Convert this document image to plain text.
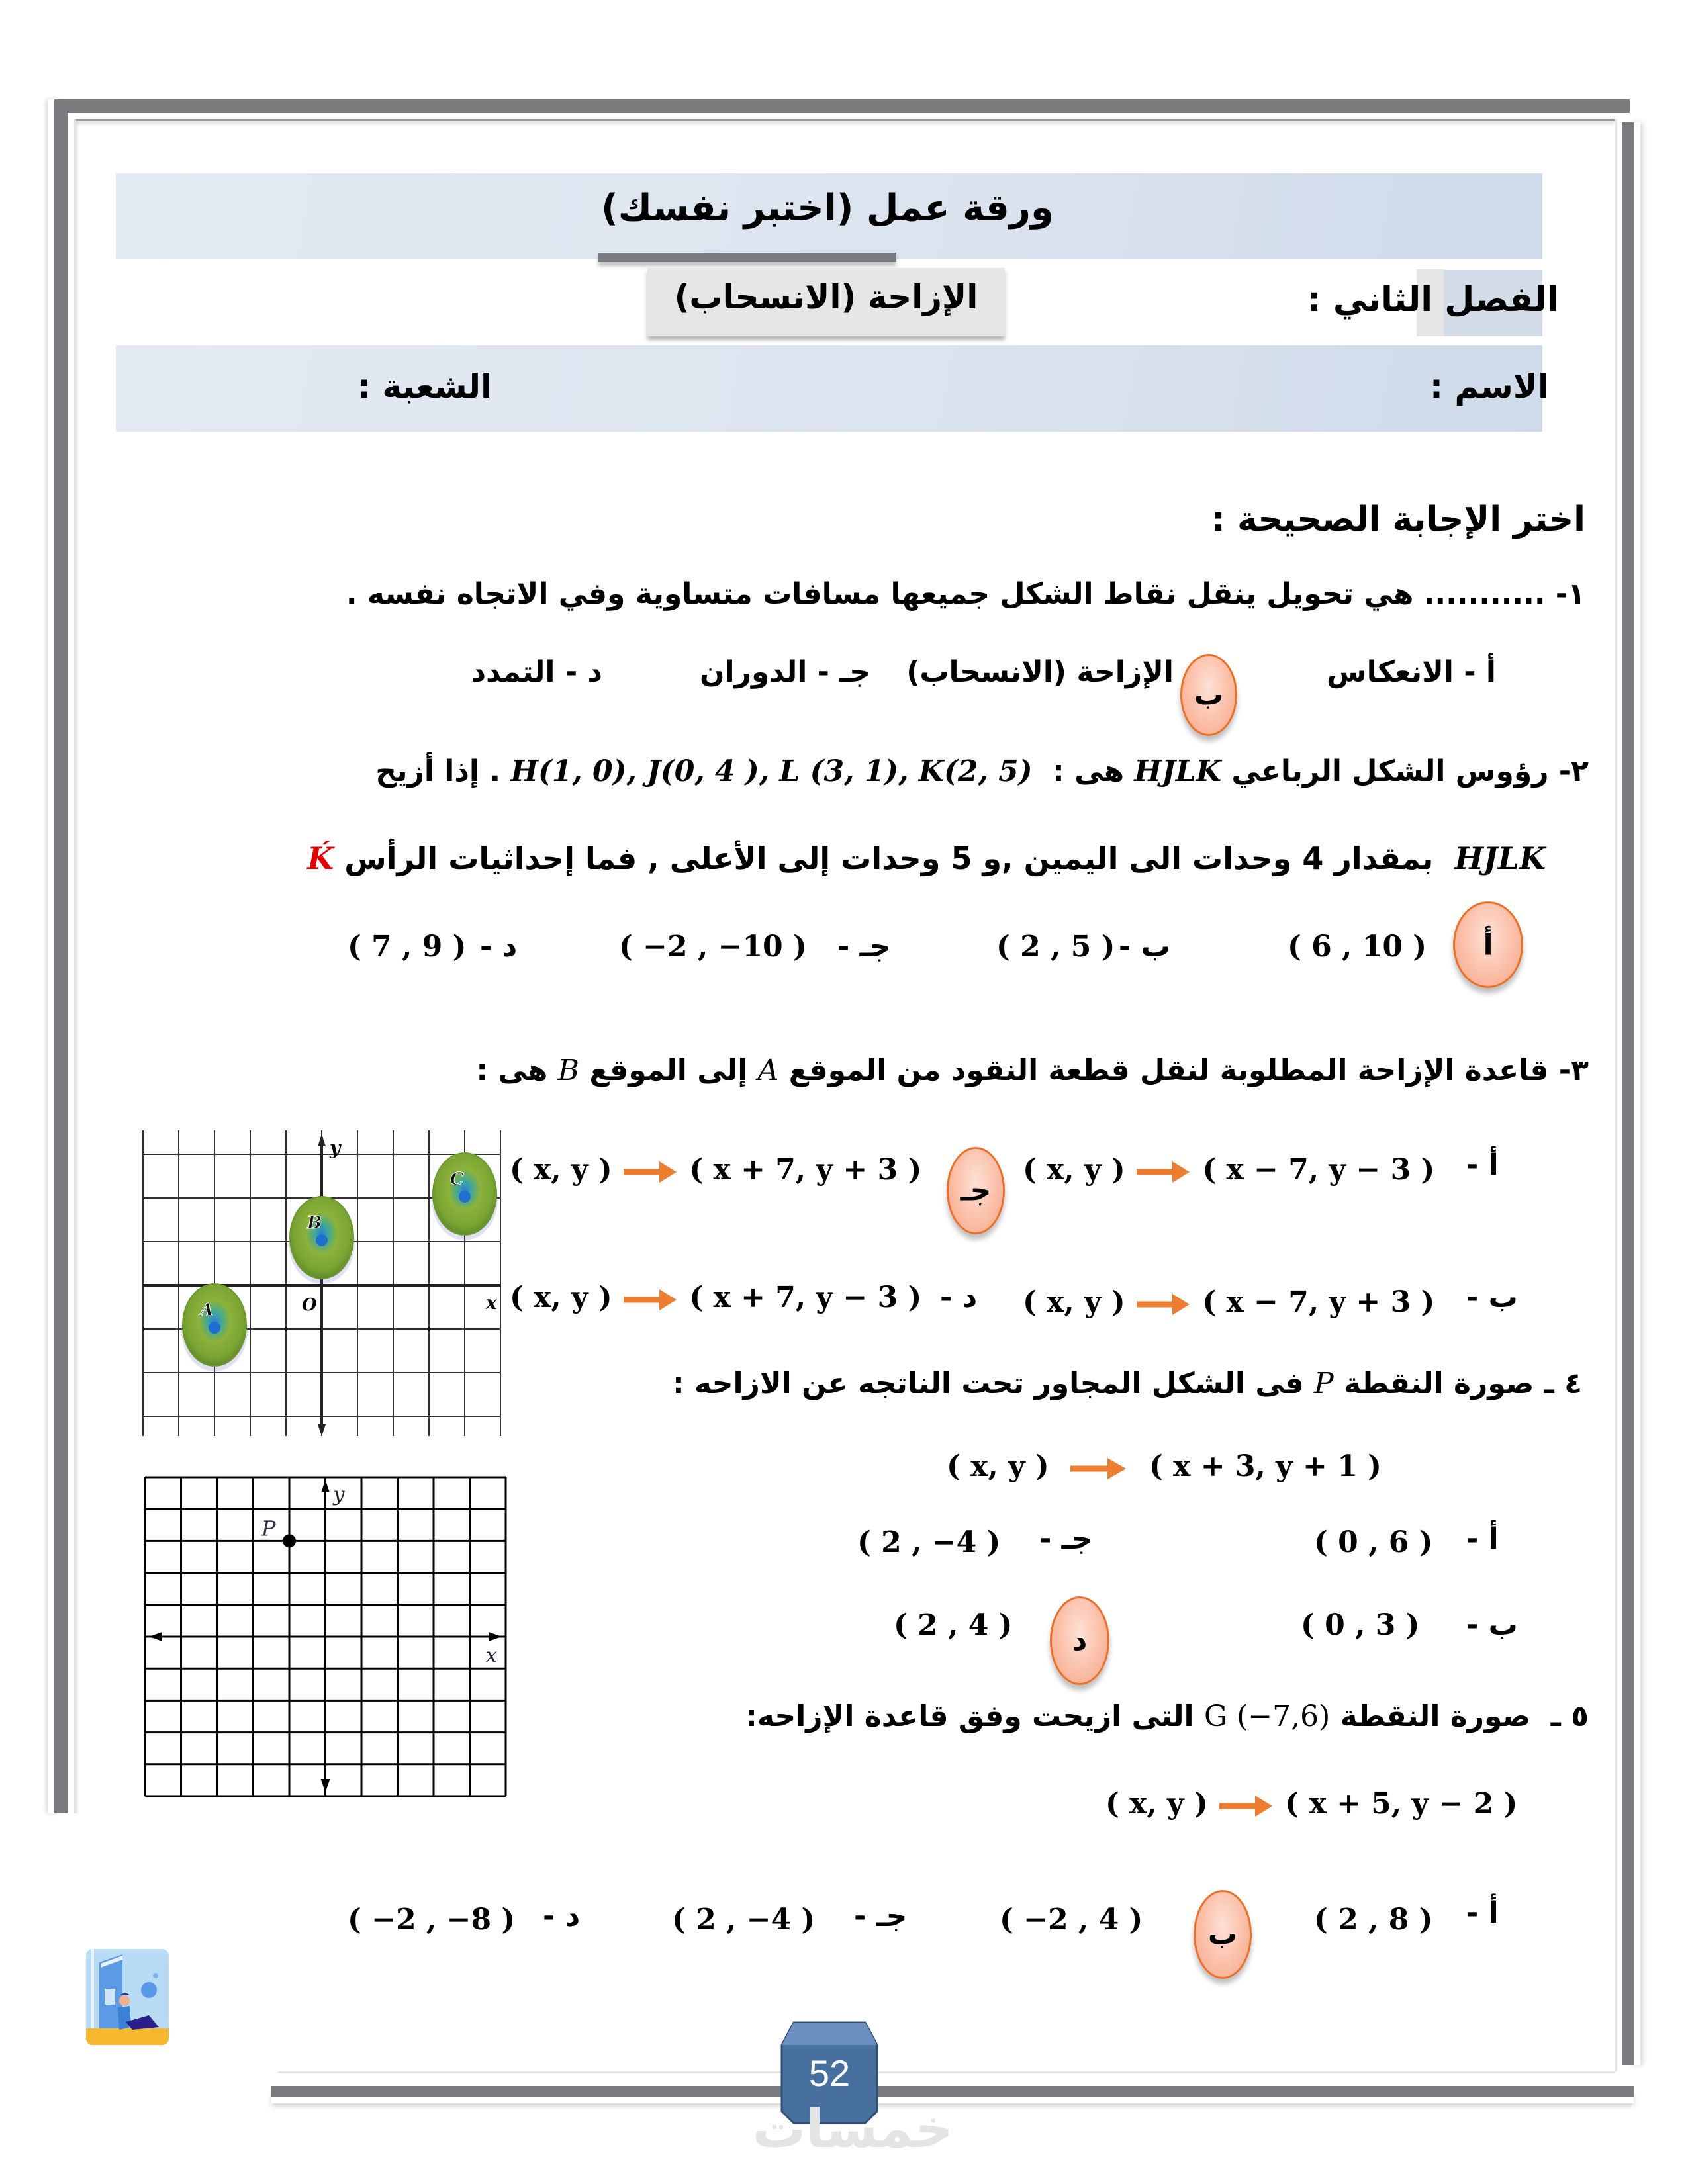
ورقة عمل (اختبر نفسك)
الإزاحة (الانسحاب)	الفصل الثاني :
الاسم :
الشعبة :
اختر الإجابة الصحيحة :
١- ........... هي تحويل ينقل نقاط الشكل جميعها مسافات متساوية وفي الاتجاه نفسه .
أ - الانعكاس
ب
الإزاحة (الانسحاب)
جـ - الدوران
د - التمدد
٢- رؤوس الشكل الرباعي HJLK هى :  H(1, 0), J(0, 4 ), L (3, 1), K(2, 5) . إذا أزيح
HJLK  بمقدار 4 وحدات الى اليمين ,و 5 وحدات إلى الأعلى , فما إحداثيات الرأس Ḱ
أ
( 6 , 10 )
ب -
( 2 , 5 )
جـ -
( −2 , −10 )
د -
( 7 , 9 )
٣- قاعدة الإزاحة المطلوبة لنقل قطعة النقود من الموقع A إلى الموقع B هى :
y
x
O
A
B
C	أ -
( x, y )	( x − 7, y − 3 )
جـ
( x, y )	( x + 7, y + 3 )
ب -
( x, y )	( x − 7, y + 3 )
د -
( x, y )	( x + 7, y − 3 )
٤ ـ صورة النقطة P فى الشكل المجاور تحت الناتجه عن الازاحه :
y
x
P
( x, y )	( x + 3, y + 1 )
أ -
( 0 , 6 )
جـ -
( 2 , −4 )
ب -
( 0 , 3 )
د
( 2 , 4 )
٥ ـ  صورة النقطة G (−7,6) التى ازيحت وفق قاعدة الإزاحه:
( x, y )	( x + 5, y − 2 )
أ -
( 2 , 8 )
ب
( −2 , 4 )
جـ -
( 2 , −4 )
د -
( −2 , −8 )
52
خمسات
